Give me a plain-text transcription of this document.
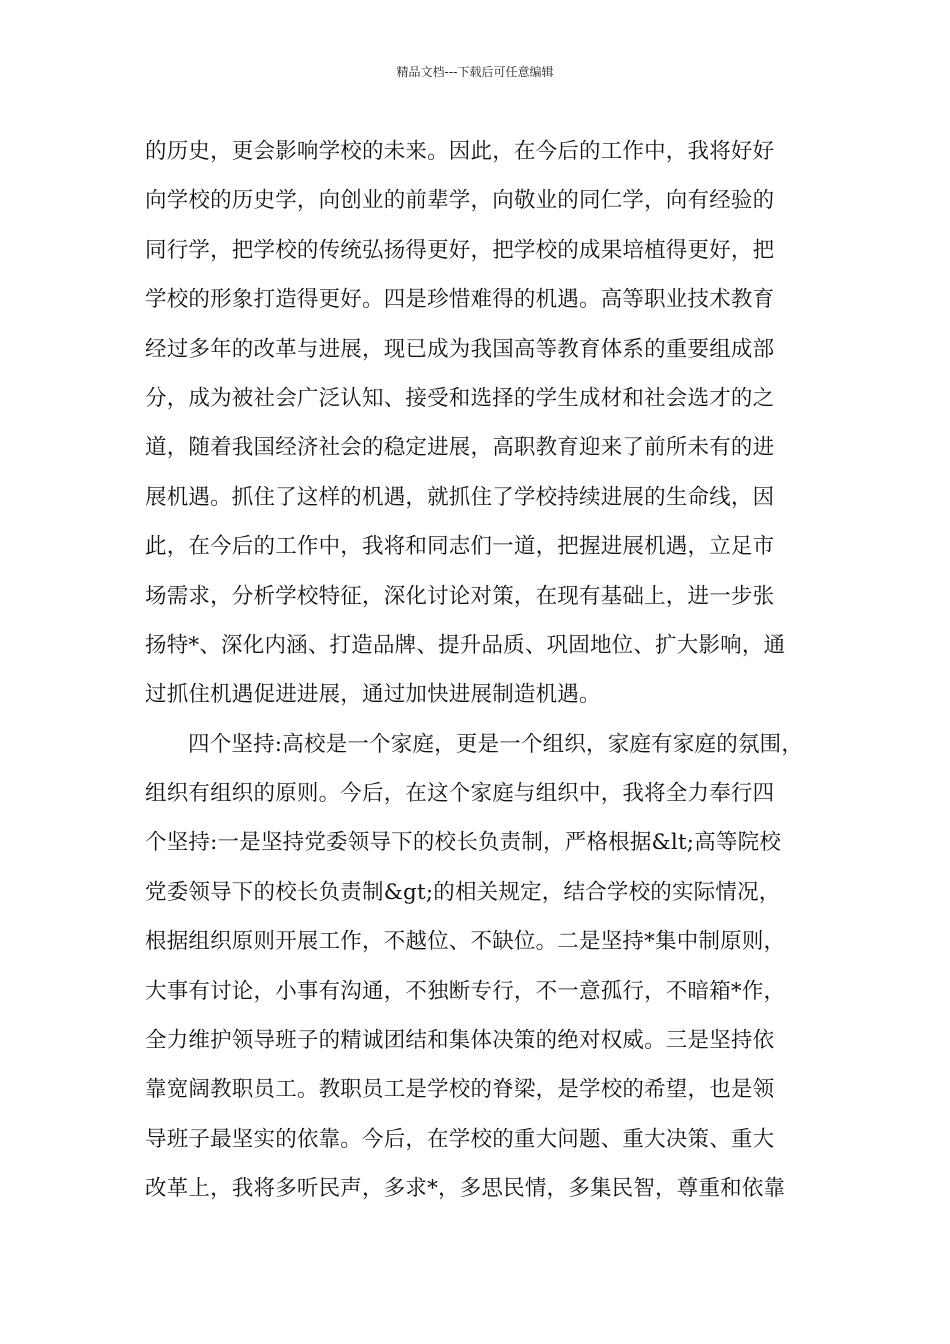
精品文档---下载后可任意编辑
的历史，更会影响学校的未来。因此，在今后的工作中，我将好好
向学校的历史学，向创业的前辈学，向敬业的同仁学，向有经验的
同行学，把学校的传统弘扬得更好，把学校的成果培植得更好，把
学校的形象打造得更好。四是珍惜难得的机遇。高等职业技术教育
经过多年的改革与进展，现已成为我国高等教育体系的重要组成部
分，成为被社会广泛认知、接受和选择的学生成材和社会选才的之
道，随着我国经济社会的稳定进展，高职教育迎来了前所未有的进
展机遇。抓住了这样的机遇，就抓住了学校持续进展的生命线，因
此，在今后的工作中，我将和同志们一道，把握进展机遇，立足市
场需求，分析学校特征，深化讨论对策，在现有基础上，进一步张
扬特*、深化内涵、打造品牌、提升品质、巩固地位、扩大影响，通
过抓住机遇促进进展，通过加快进展制造机遇。
四个坚持:高校是一个家庭，更是一个组织，家庭有家庭的氛围，
组织有组织的原则。今后，在这个家庭与组织中，我将全力奉行四
个坚持:一是坚持党委领导下的校长负责制，严格根据&lt;高等院校
党委领导下的校长负责制&gt;的相关规定，结合学校的实际情况，
根据组织原则开展工作，不越位、不缺位。二是坚持*集中制原则，
大事有讨论，小事有沟通，不独断专行，不一意孤行，不暗箱*作，
全力维护领导班子的精诚团结和集体决策的绝对权威。三是坚持依
靠宽阔教职员工。教职员工是学校的脊梁，是学校的希望，也是领
导班子最坚实的依靠。今后，在学校的重大问题、重大决策、重大
改革上，我将多听民声，多求*，多思民情，多集民智，尊重和依靠
